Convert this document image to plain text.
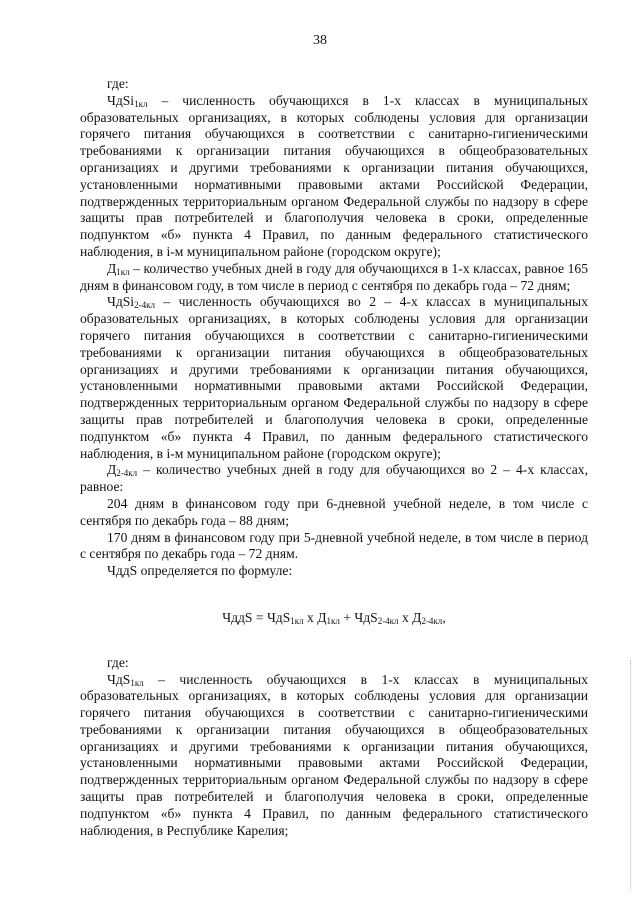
38

где:

ЧдSi$_{1кл}$ – численность обучающихся в 1-х классах в муниципальных образовательных организациях, в которых соблюдены условия для организации горячего питания обучающихся в соответствии с санитарно-гигиеническими требованиями к организации питания обучающихся в общеобразовательных организациях и другими требованиями к организации питания обучающихся, установленными нормативными правовыми актами Российской Федерации, подтвержденных территориальным органом Федеральной службы по надзору в сфере защиты прав потребителей и благополучия человека в сроки, определенные подпунктом «б» пункта 4 Правил, по данным федерального статистического наблюдения, в i-м муниципальном районе (городском округе);

$Д_{1кл}$ – количество учебных дней в году для обучающихся в 1-х классах, равное 165 дням в финансовом году, в том числе в период с сентября по декабрь года – 72 дням;

ЧдSi$_{2-4кл}$ – численность обучающихся во 2 – 4-х классах в муниципальных образовательных организациях, в которых соблюдены условия для организации горячего питания обучающихся в соответствии с санитарно-гигиеническими требованиями к организации питания обучающихся в общеобразовательных организациях и другими требованиями к организации питания обучающихся, установленными нормативными правовыми актами Российской Федерации, подтвержденных территориальным органом Федеральной службы по надзору в сфере защиты прав потребителей и благополучия человека в сроки, определенные подпунктом «б» пункта 4 Правил, по данным федерального статистического наблюдения, в i-м муниципальном районе (городском округе);

$Д_{2-4кл}$ – количество учебных дней в году для обучающихся во 2 – 4-х классах, равное:

204 дням в финансовом году при 6-дневной учебной неделе, в том числе с сентября по декабрь года – 88 дням;

170 дням в финансовом году при 5-дневной учебной неделе, в том числе в период с сентября по декабрь года – 72 дням.

ЧддS определяется по формуле:

ЧддS = ЧдS$_{1кл}$ x $Д_{1кл} + ЧдS_{2-4кл}$ x $Д_{2-4кл}$,

где:

ЧдS$_{1кл}$ – численность обучающихся в 1-х классах в муниципальных образовательных организациях, в которых соблюдены условия для организации горячего питания обучающихся в соответствии с санитарно-гигиеническими требованиями к организации питания обучающихся в общеобразовательных организациях и другими требованиями к организации питания обучающихся, установленными нормативными правовыми актами Российской Федерации, подтвержденных территориальным органом Федеральной службы по надзору в сфере защиты прав потребителей и благополучия человека в сроки, определенные подпунктом «б» пункта 4 Правил, по данным федерального статистического наблюдения, в Республике Карелия;
